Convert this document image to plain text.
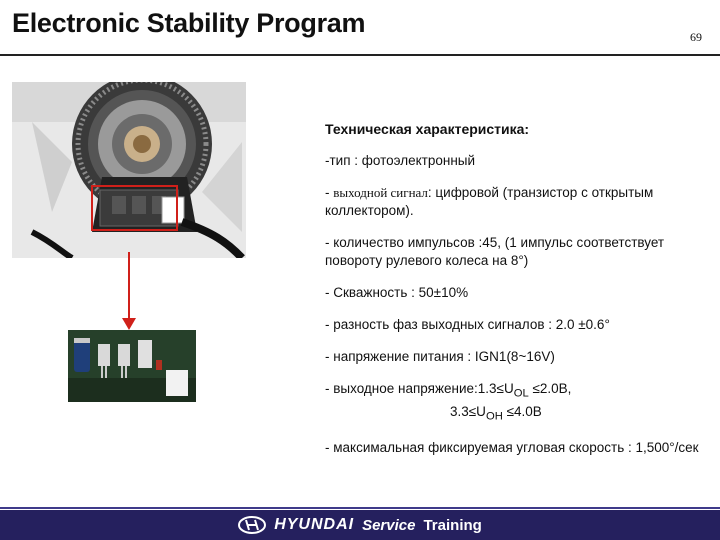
Electronic Stability Program	69
Техническая характеристика:
-тип : фотоэлектронный
- выходной сигнал: цифровой (транзистор с открытым коллектором).
- количество импульсов :45, (1 импульс соответствует повороту рулевого колеса на 8°)
- Скважность : 50±10%
- разность фаз выходных сигналов : 2.0 ±0.6°
- напряжение питания : IGN1(8~16V)
- выходное $напряжение:1.3\le U_{OL} \le 2.0B$,
$3.3\le U_{OH} \le 4.0B$
- максимальная фиксируемая угловая скорость : 1,500°/сек
HYUNDAI Service Training
